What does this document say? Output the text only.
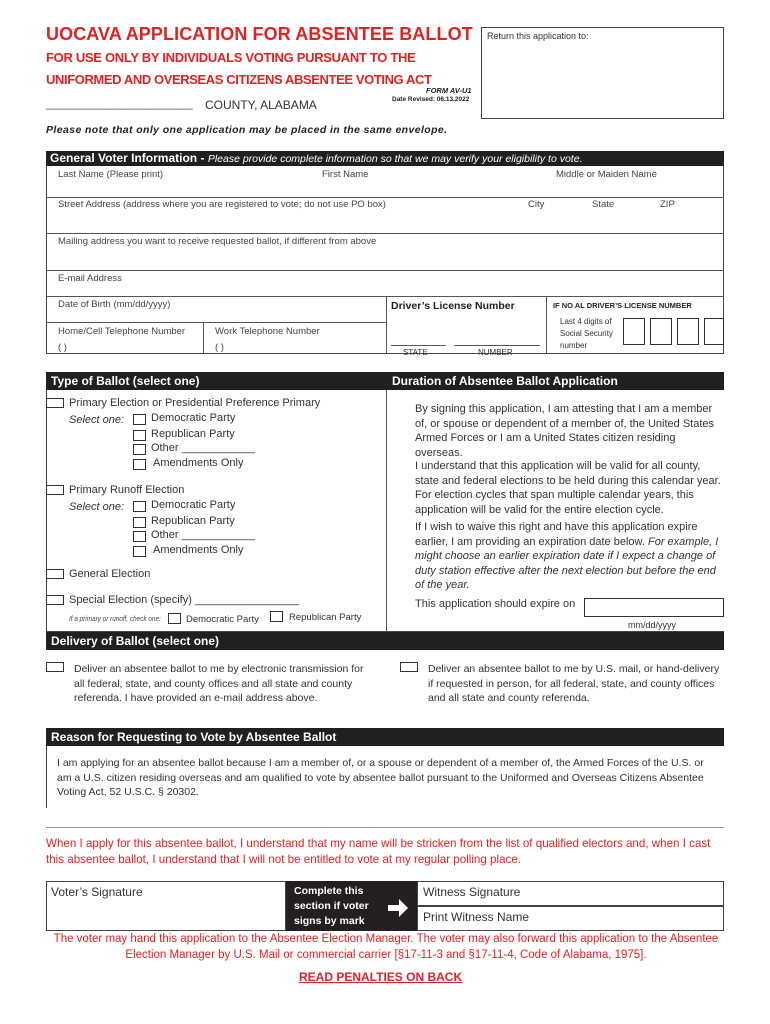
UOCAVA APPLICATION FOR ABSENTEE BALLOT
FOR USE ONLY BY INDIVIDUALS VOTING PURSUANT TO THE
UNIFORMED AND OVERSEAS CITIZENS ABSENTEE VOTING ACT
FORM AV-U1
Date Revised: 06.13.2022
______________________ COUNTY, ALABAMA
Return this application to:
Please note that only one application may be placed in the same envelope.
General Voter Information - Please provide complete information so that we may verify your eligibility to vote.
Last Name (Please print)	First Name	Middle or Maiden Name
Street Address (address where you are registered to vote; do not use PO box)	City	State	ZIP
Mailing address you want to receive requested ballot, if different from above
E-mail Address
Date of Birth (mm/dd/yyyy)
Home/Cell Telephone Number
( )
Work Telephone Number
( )
Driver’s License Number	IF NO AL DRIVER’S LICENSE NUMBER
STATE	NUMBER
Last 4 digits of
Social Security
number
Type of Ballot (select one)	Duration of Absentee Ballot Application
Primary Election or Presidential Preference Primary
Select one: Democratic Party
Republican Party
Other ____________
Amendments Only
Primary Runoff Election
Select one: Democratic Party
Republican Party
Other ____________
Amendments Only
General Election
Special Election (specify) _________________
If a primary or runoff, check one:	Democratic Party	Republican Party
By signing this application, I am attesting that I am a member of, or spouse or dependent of a member of, the United States Armed Forces or I am a United States citizen residing overseas.
I understand that this application will be valid for all county, state and federal elections to be held during this calendar year. For election cycles that span multiple calendar years, this application will be valid for the entire election cycle.
If I wish to waive this right and have this application expire earlier, I am providing an expiration date below. For example, I might choose an earlier expiration date if I expect a change of duty station effective after the next election but before the end of the year.
This application should expire on
mm/dd/yyyy
Delivery of Ballot (select one)
Deliver an absentee ballot to me by electronic transmission for all federal, state, and county offices and all state and county referenda. I have provided an e-mail address above.
Deliver an absentee ballot to me by U.S. mail, or hand-delivery if requested in person, for all federal, state, and county offices and all state and county referenda.
Reason for Requesting to Vote by Absentee Ballot
I am applying for an absentee ballot because I am a member of, or a spouse or dependent of a member of, the Armed Forces of the U.S. or am a U.S. citizen residing overseas and am qualified to vote by absentee ballot pursuant to the Uniformed and Overseas Citizens Absentee Voting Act, 52 U.S.C. § 20302.
When I apply for this absentee ballot, I understand that my name will be stricken from the list of qualified electors and, when I cast this absentee ballot, I understand that I will not be entitled to vote at my regular polling place.
Voter’s Signature	Complete this
section if voter
signs by mark
Witness Signature
Print Witness Name
The voter may hand this application to the Absentee Election Manager. The voter may also forward this application to the Absentee Election Manager by U.S. Mail or commercial carrier [§17-11-3 and §17-11-4, Code of Alabama, 1975].
READ PENALTIES ON BACK
